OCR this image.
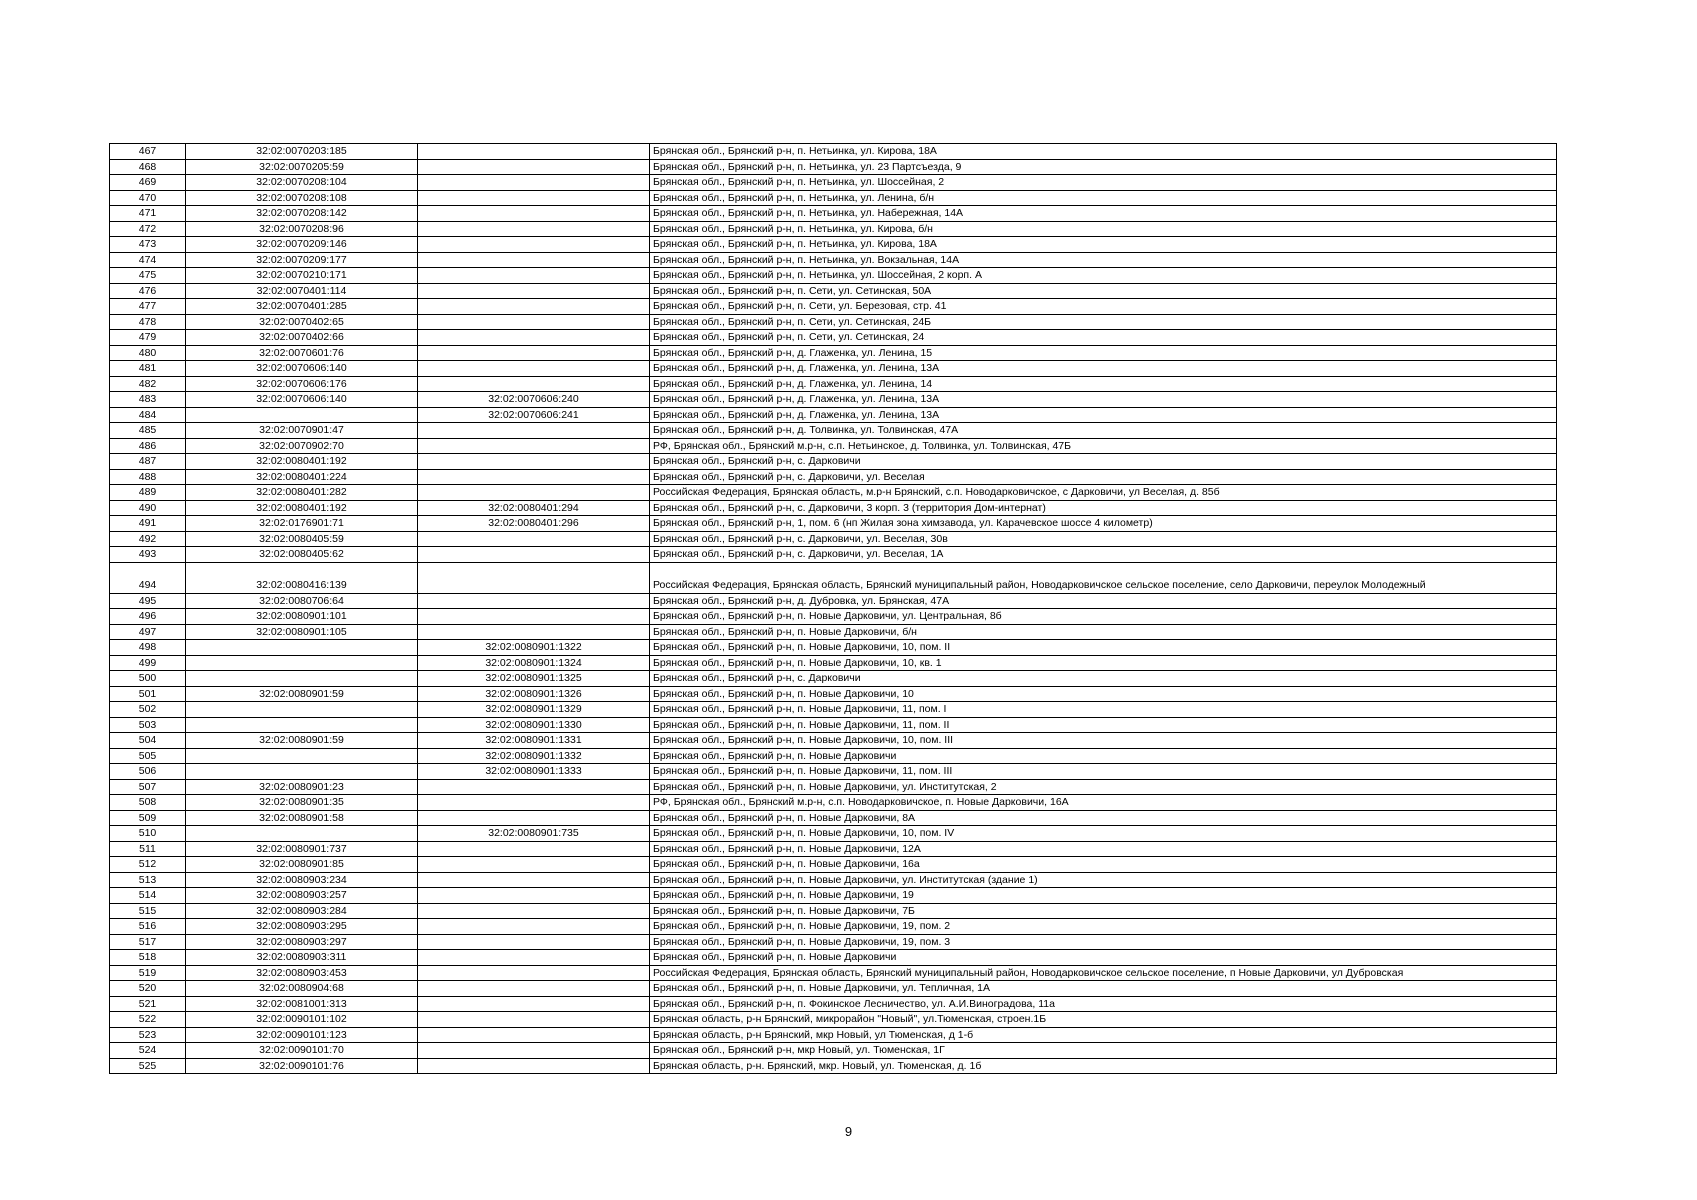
467	32:02:0070203:185		Брянская обл., Брянский р-н, п. Нетьинка, ул. Кирова, 18А
468	32:02:0070205:59		Брянская обл., Брянский р-н, п. Нетьинка, ул. 23 Партсъезда, 9
469	32:02:0070208:104		Брянская обл., Брянский р-н, п. Нетьинка, ул. Шоссейная, 2
470	32:02:0070208:108		Брянская обл., Брянский р-н, п. Нетьинка, ул. Ленина, б/н
471	32:02:0070208:142		Брянская обл., Брянский р-н, п. Нетьинка, ул. Набережная, 14А
472	32:02:0070208:96		Брянская обл., Брянский р-н, п. Нетьинка, ул. Кирова, б/н
473	32:02:0070209:146		Брянская обл., Брянский р-н, п. Нетьинка, ул. Кирова, 18А
474	32:02:0070209:177		Брянская обл., Брянский р-н, п. Нетьинка, ул. Вокзальная, 14А
475	32:02:0070210:171		Брянская обл., Брянский р-н, п. Нетьинка, ул. Шоссейная, 2 корп. А
476	32:02:0070401:114		Брянская обл., Брянский р-н, п. Сети, ул. Сетинская, 50А
477	32:02:0070401:285		Брянская обл., Брянский р-н, п. Сети, ул. Березовая, стр. 41
478	32:02:0070402:65		Брянская обл., Брянский р-н, п. Сети, ул. Сетинская, 24Б
479	32:02:0070402:66		Брянская обл., Брянский р-н, п. Сети, ул. Сетинская, 24
480	32:02:0070601:76		Брянская обл., Брянский р-н, д. Глаженка, ул. Ленина, 15
481	32:02:0070606:140		Брянская обл., Брянский р-н, д. Глаженка, ул. Ленина, 13А
482	32:02:0070606:176		Брянская обл., Брянский р-н, д. Глаженка, ул. Ленина, 14
483	32:02:0070606:140	32:02:0070606:240	Брянская обл., Брянский р-н, д. Глаженка, ул. Ленина, 13А
484		32:02:0070606:241	Брянская обл., Брянский р-н, д. Глаженка, ул. Ленина, 13А
485	32:02:0070901:47		Брянская обл., Брянский р-н, д. Толвинка, ул. Толвинская, 47А
486	32:02:0070902:70		РФ, Брянская обл., Брянский м.р-н, с.п. Нетьинское, д. Толвинка, ул. Толвинская, 47Б
487	32:02:0080401:192		Брянская обл., Брянский р-н, с. Дарковичи
488	32:02:0080401:224		Брянская обл., Брянский р-н, с. Дарковичи, ул. Веселая
489	32:02:0080401:282		Российская Федерация, Брянская область, м.р-н Брянский, с.п. Новодарковичское, с Дарковичи, ул Веселая, д. 85б
490	32:02:0080401:192	32:02:0080401:294	Брянская обл., Брянский р-н, с. Дарковичи, 3 корп. 3 (территория Дом-интернат)
491	32:02:0176901:71	32:02:0080401:296	Брянская обл., Брянский р-н, 1, пом. 6 (нп Жилая зона химзавода, ул. Карачевское шоссе 4 километр)
492	32:02:0080405:59		Брянская обл., Брянский р-н, с. Дарковичи, ул. Веселая, 30в
493	32:02:0080405:62		Брянская обл., Брянский р-н, с. Дарковичи, ул. Веселая, 1А
494	32:02:0080416:139		Российская Федерация, Брянская область, Брянский муниципальный район, Новодарковичское сельское поселение, село Дарковичи, переулок Молодежный
495	32:02:0080706:64		Брянская обл., Брянский р-н, д. Дубровка, ул. Брянская, 47А
496	32:02:0080901:101		Брянская обл., Брянский р-н, п. Новые Дарковичи, ул. Центральная, 8б
497	32:02:0080901:105		Брянская обл., Брянский р-н, п. Новые Дарковичи, б/н
498		32:02:0080901:1322	Брянская обл., Брянский р-н, п. Новые Дарковичи, 10, пом. II
499		32:02:0080901:1324	Брянская обл., Брянский р-н, п. Новые Дарковичи, 10, кв. 1
500		32:02:0080901:1325	Брянская обл., Брянский р-н, с. Дарковичи
501	32:02:0080901:59	32:02:0080901:1326	Брянская обл., Брянский р-н, п. Новые Дарковичи, 10
502		32:02:0080901:1329	Брянская обл., Брянский р-н, п. Новые Дарковичи, 11, пом. I
503		32:02:0080901:1330	Брянская обл., Брянский р-н, п. Новые Дарковичи, 11, пом. II
504	32:02:0080901:59	32:02:0080901:1331	Брянская обл., Брянский р-н, п. Новые Дарковичи, 10, пом. III
505		32:02:0080901:1332	Брянская обл., Брянский р-н, п. Новые Дарковичи
506		32:02:0080901:1333	Брянская обл., Брянский р-н, п. Новые Дарковичи, 11, пом. III
507	32:02:0080901:23		Брянская обл., Брянский р-н, п. Новые Дарковичи, ул. Институтская, 2
508	32:02:0080901:35		РФ, Брянская обл., Брянский м.р-н, с.п. Новодарковичское, п. Новые Дарковичи, 16А
509	32:02:0080901:58		Брянская обл., Брянский р-н, п. Новые Дарковичи, 8А
510		32:02:0080901:735	Брянская обл., Брянский р-н, п. Новые Дарковичи, 10, пом. IV
511	32:02:0080901:737		Брянская обл., Брянский р-н, п. Новые Дарковичи, 12А
512	32:02:0080901:85		Брянская обл., Брянский р-н, п. Новые Дарковичи, 16а
513	32:02:0080903:234		Брянская обл., Брянский р-н, п. Новые Дарковичи, ул. Институтская (здание 1)
514	32:02:0080903:257		Брянская обл., Брянский р-н, п. Новые Дарковичи, 19
515	32:02:0080903:284		Брянская обл., Брянский р-н, п. Новые Дарковичи, 7Б
516	32:02:0080903:295		Брянская обл., Брянский р-н, п. Новые Дарковичи, 19, пом. 2
517	32:02:0080903:297		Брянская обл., Брянский р-н, п. Новые Дарковичи, 19, пом. 3
518	32:02:0080903:311		Брянская обл., Брянский р-н, п. Новые Дарковичи
519	32:02:0080903:453		Российская Федерация, Брянская область, Брянский муниципальный район, Новодарковичское сельское поселение, п Новые Дарковичи, ул Дубровская
520	32:02:0080904:68		Брянская обл., Брянский р-н, п. Новые Дарковичи, ул. Тепличная, 1А
521	32:02:0081001:313		Брянская обл., Брянский р-н, п. Фокинское Лесничество, ул. А.И.Виноградова, 11а
522	32:02:0090101:102		Брянская область, р-н Брянский, микрорайон "Новый", ул.Тюменская, строен.1Б
523	32:02:0090101:123		Брянская область, р-н Брянский, мкр Новый, ул Тюменская, д 1-б
524	32:02:0090101:70		Брянская обл., Брянский р-н, мкр Новый, ул. Тюменская, 1Г
525	32:02:0090101:76		Брянская область, р-н. Брянский, мкр. Новый, ул. Тюменская, д. 1б
9
